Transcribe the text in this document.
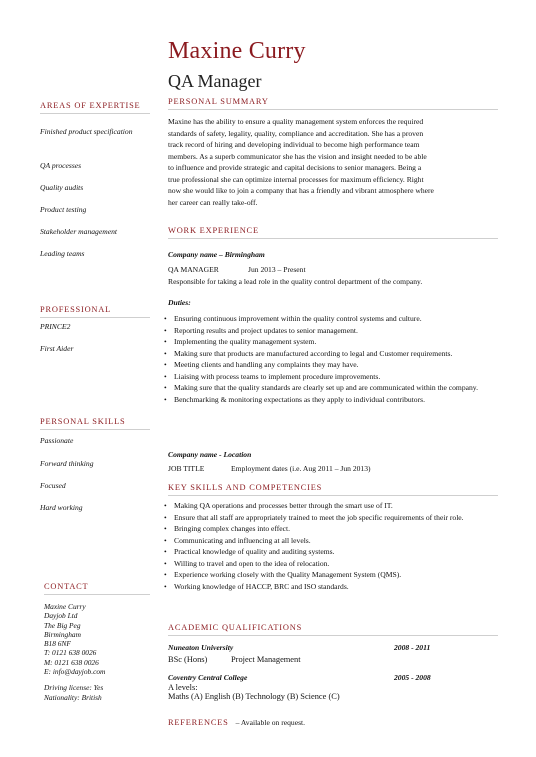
Maxine Curry
QA Manager
AREAS OF EXPERTISE
Finished product specification
QA processes
Quality audits
Product testing
Stakeholder management
Leading teams
PROFESSIONAL
PRINCE2
First Aider
PERSONAL SKILLS
Passionate
Forward thinking
Focused
Hard working
CONTACT
Maxine Curry
Dayjob Ltd
The Big Peg
Birmingham
B18 6NF
T: 0121 638 0026
M: 0121 638 0026
E: info@dayjob.com
Driving license: Yes
Nationality: British
PERSONAL SUMMARY
Maxine has the ability to ensure a quality management system enforces the required
standards of safety, legality, quality, compliance and accreditation. She has a proven
track record of hiring and developing individual to become high performance team
members. As a superb communicator she has the vision and insight needed to be able
to influence and provide strategic and capital decisions to senior managers. Being a
true professional she can optimize internal processes for maximum efficiency. Right
now she would like to join a company that has a friendly and vibrant atmosphere where
her career can really take-off.
WORK EXPERIENCE
Company name – Birmingham
QA MANAGER	Jun 2013 – Present
Responsible for taking a lead role in the quality control department of the company.
Duties:
• Ensuring continuous improvement within the quality control systems and culture.
• Reporting results and project updates to senior management.
• Implementing the quality management system.
• Making sure that products are manufactured according to legal and Customer requirements.
• Meeting clients and handling any complaints they may have.
• Liaising with process teams to implement procedure improvements.
• Making sure that the quality standards are clearly set up and are communicated within the company.
• Benchmarking & monitoring expectations as they apply to individual contributors.
Company name - Location
JOB TITLE	Employment dates (i.e. Aug 2011 – Jun 2013)
KEY SKILLS AND COMPETENCIES
• Making QA operations and processes better through the smart use of IT.
• Ensure that all staff are appropriately trained to meet the job specific requirements of their role.
• Bringing complex changes into effect.
• Communicating and influencing at all levels.
• Practical knowledge of quality and auditing systems.
• Willing to travel and open to the idea of relocation.
• Experience working closely with the Quality Management System (QMS).
• Working knowledge of HACCP, BRC and ISO standards.
ACADEMIC QUALIFICATIONS
Nuneaton University	2008 - 2011
BSc (Hons)	Project Management
Coventry Central College	2005 - 2008
A levels:
Maths (A) English (B) Technology (B) Science (C)
REFERENCES – Available on request.
